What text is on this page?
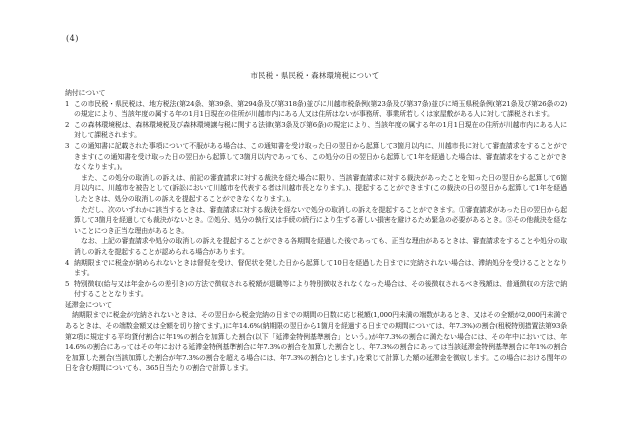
(4)
市民税・県民税・森林環境税について
納付について
1 この市民税・県民税は、地方税法(第24条、第39条、第294条及び第318条)並びに川越市税条例(第23条及び第37条)並びに埼玉県税条例(第21条及び第26条の2)の規定により、当該年度の属する年の1月1日現在の住所が川越市内にある人又は住所はないが事務所、事業所若しくは家屋敷がある人に対して課税されます。
2 この森林環境税は、森林環境税及び森林環境譲与税に関する法律(第3条及び第6条)の規定により、当該年度の属する年の1月1日現在の住所が川越市内にある人に対して課税されます。
3 この通知書に記載された事項について不服がある場合は、この通知書を受け取った日の翌日から起算して3箇月以内に、川越市長に対して審査請求をすることができます(この通知書を受け取った日の翌日から起算して3箇月以内であっても、この処分の日の翌日から起算して1年を経過した場合は、審査請求をすることができなくなります。)。
また、この処分の取消しの訴えは、前記の審査請求に対する裁決を経た場合に限り、当該審査請求に対する裁決があったことを知った日の翌日から起算して6箇月以内に、川越市を被告として(訴訟において川越市を代表する者は川越市長となります。)、提起することができます(この裁決の日の翌日から起算して1年を経過したときは、処分の取消しの訴えを提起することができなくなります。)。
ただし、次のいずれかに該当するときは、審査請求に対する裁決を経ないで処分の取消しの訴えを提起することができます。①審査請求があった日の翌日から起算して3箇月を経過しても裁決がないとき。②処分、処分の執行又は手続の続行により生ずる著しい損害を避けるため緊急の必要があるとき。③その他裁決を経ないことにつき正当な理由があるとき。
なお、上記の審査請求や処分の取消しの訴えを提起することができる各期間を経過した後であっても、正当な理由があるときは、審査請求をすることや処分の取消しの訴えを提起することが認められる場合があります。
4 納期限までに税金が納められないときは督促を受け、督促状を発した日から起算して10日を経過した日までに完納されない場合は、滞納処分を受けることとなります。
5 特別徴収(給与又は年金からの差引き)の方法で徴収される税額が退職等により特別徴収されなくなった場合は、その後徴収されるべき残額は、普通徴収の方法で納付することとなります。
延滞金について
納期限までに税金が完納されないときは、その翌日から税金完納の日までの期間の日数に応じ税額(1,000円未満の端数があるとき、又はその全額が2,000円未満であるときは、その端数金額又は全額を切り捨てます。)に年14.6%(納期限の翌日から1箇月を経過する日までの期間については、年7.3%)の割合(租税特別措置法第93条第2項に規定する平均貸付割合に年1%の割合を加算した割合(以下「延滞金特例基準割合」という。)が年7.3%の割合に満たない場合には、その年中においては、年14.6%の割合にあってはその年における延滞金特例基準割合に年7.3%の割合を加算した割合とし、年7.3%の割合にあっては当該延滞金特例基準割合に年1%の割合を加算した割合(当該加算した割合が年7.3%の割合を超える場合には、年7.3%の割合)とします。)を乗じて計算した額の延滞金を徴収します。この場合における閏年の日を含む期間についても、365日当たりの割合で計算します。
